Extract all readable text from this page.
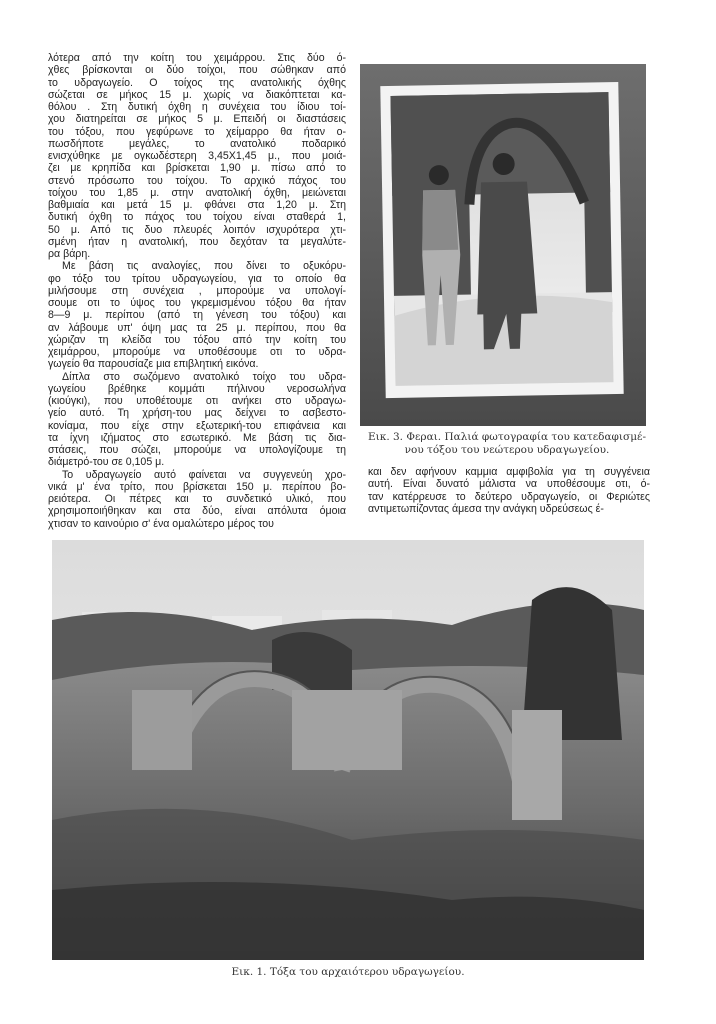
λότερα από την κοίτη του χειμάρρου. Στις δύο ό-
χθες βρίσκονται οι δύο τοίχοι, που σώθηκαν από
το υδραγωγείο. Ο τοίχος της ανατολικής όχθης
σώζεται σε μήκος 15 μ. χωρίς να διακόπτεται κα-
θόλου . Στη δυτική όχθη η συνέχεια του ίδιου τοί-
χου διατηρείται σε μήκος 5 μ. Επειδή οι διαστάσεις
του τόξου, που γεφύρωνε το χείμαρρο θα ήταν ο-
πωσδήποτε μεγάλες, το ανατολικό ποδαρικό
ενισχύθηκε με ογκωδέστερη 3,45Χ1,45 μ., που μοιά-
ζει με κρηπίδα και βρίσκεται 1,90 μ. πίσω από το
στενό πρόσωπο του τοίχου. Το αρχικό πάχος του
τοίχου του 1,85 μ. στην ανατολική όχθη, μειώνεται
βαθμιαία και μετά 15 μ. φθάνει στα 1,20 μ. Στη
δυτική όχθη το πάχος του τοίχου είναι σταθερά 1,
50 μ. Από τις δυο πλευρές λοιπόν ισχυρότερα χτι-
σμένη ήταν η ανατολική, που δεχόταν τα μεγαλύτε-
ρα βάρη.
Με βάση τις αναλογίες, που δίνει το οξυκόρυ-
φο τόξο του τρίτου υδραγωγείου, για το οποίο θα
μιλήσουμε στη συνέχεια , μπορούμε να υπολογί-
σουμε οτι το ύψος του γκρεμισμένου τόξου θα ήταν
8—9 μ. περίπου (από τη γένεση του τόξου) και
αν λάβουμε υπ' όψη μας τα 25 μ. περίπου, που θα
χώριζαν τη κλείδα του τόξου από την κοίτη του
χειμάρρου, μπορούμε να υποθέσουμε οτι το υδρα-
γωγείο θα παρουσίαζε μια επιβλητική εικόνα.
Δίπλα στο σωζόμενο ανατολικό τοίχο του υδρα-
γωγείου βρέθηκε κομμάτι πήλινου νεροσωλήνα
(κιούγκι), που υποθέτουμε οτι ανήκει στο υδραγω-
γείο αυτό. Τη χρήση-του μας δείχνει το ασβεστο-
κονίαμα, που είχε στην εξωτερική-του επιφάνεια και
τα ίχνη ιζήματος στο εσωτερικό. Με βάση τις δια-
στάσεις, που σώζει, μπορούμε να υπολογίζουμε τη
διάμετρό-του σε 0,105 μ.
Το υδραγωγείο αυτό φαίνεται να συγγενεύη χρο-
νικά μ' ένα τρίτο, που βρίσκεται 150 μ. περίπου βο-
ρειότερα. Οι πέτρες και το συνδετικό υλικό, που
χρησιμοποιήθηκαν και στα δύο, είναι απόλυτα όμοια
χτισαν το καινούριο σ' ένα ομαλώτερο μέρος του
και δεν αφήνουν καμμια αμφιβολία για τη συγγένεια
αυτή. Είναι δυνατό μάλιστα να υποθέσουμε οτι, ό-
ταν κατέρρευσε το δεύτερο υδραγωγείο, οι Φεριώτες
αντιμετωπίζοντας άμεσα την ανάγκη υδρεύσεως έ-
Εικ. 3. Φεραι. Παλιά φωτογραφία του κατεδαφισμέ-
νου τόξου του νεώτερου υδραγωγείου.
Εικ. 1. Τόξα του αρχαιότερου υδραγωγείου.
